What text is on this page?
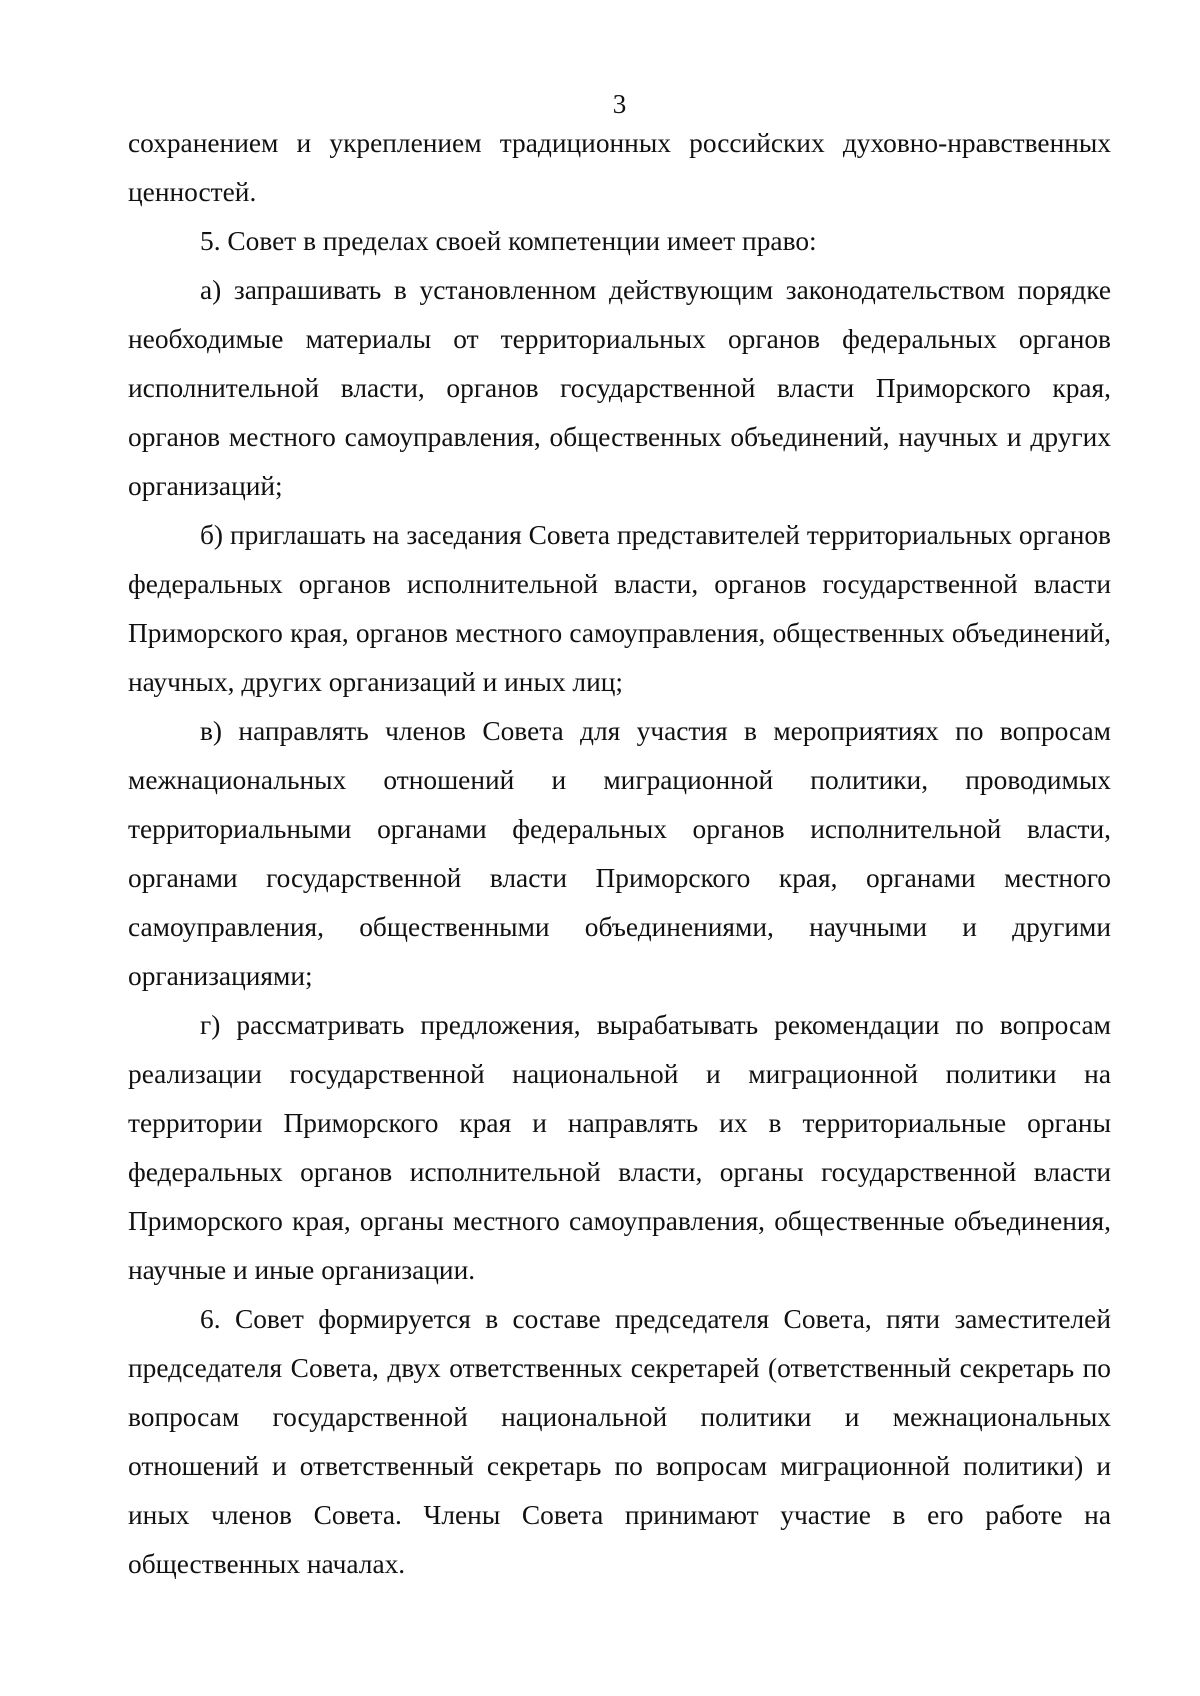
3

сохранением и укреплением традиционных российских духовно-нравственных ценностей.

5. Совет в пределах своей компетенции имеет право:

а) запрашивать в установленном действующим законодательством порядке необходимые материалы от территориальных органов федеральных органов исполнительной власти, органов государственной власти Приморского края, органов местного самоуправления, общественных объединений, научных и других организаций;

б) приглашать на заседания Совета представителей территориальных органов федеральных органов исполнительной власти, органов государственной власти Приморского края, органов местного самоуправления, общественных объединений, научных, других организаций и иных лиц;

в) направлять членов Совета для участия в мероприятиях по вопросам межнациональных отношений и миграционной политики, проводимых территориальными органами федеральных органов исполнительной власти, органами государственной власти Приморского края, органами местного самоуправления, общественными объединениями, научными и другими организациями;

г) рассматривать предложения, вырабатывать рекомендации по вопросам реализации государственной национальной и миграционной политики на территории Приморского края и направлять их в территориальные органы федеральных органов исполнительной власти, органы государственной власти Приморского края, органы местного самоуправления, общественные объединения, научные и иные организации.

6. Совет формируется в составе председателя Совета, пяти заместителей председателя Совета, двух ответственных секретарей (ответственный секретарь по вопросам государственной национальной политики и межнациональных отношений и ответственный секретарь по вопросам миграционной политики) и иных членов Совета. Члены Совета принимают участие в его работе на общественных началах.
